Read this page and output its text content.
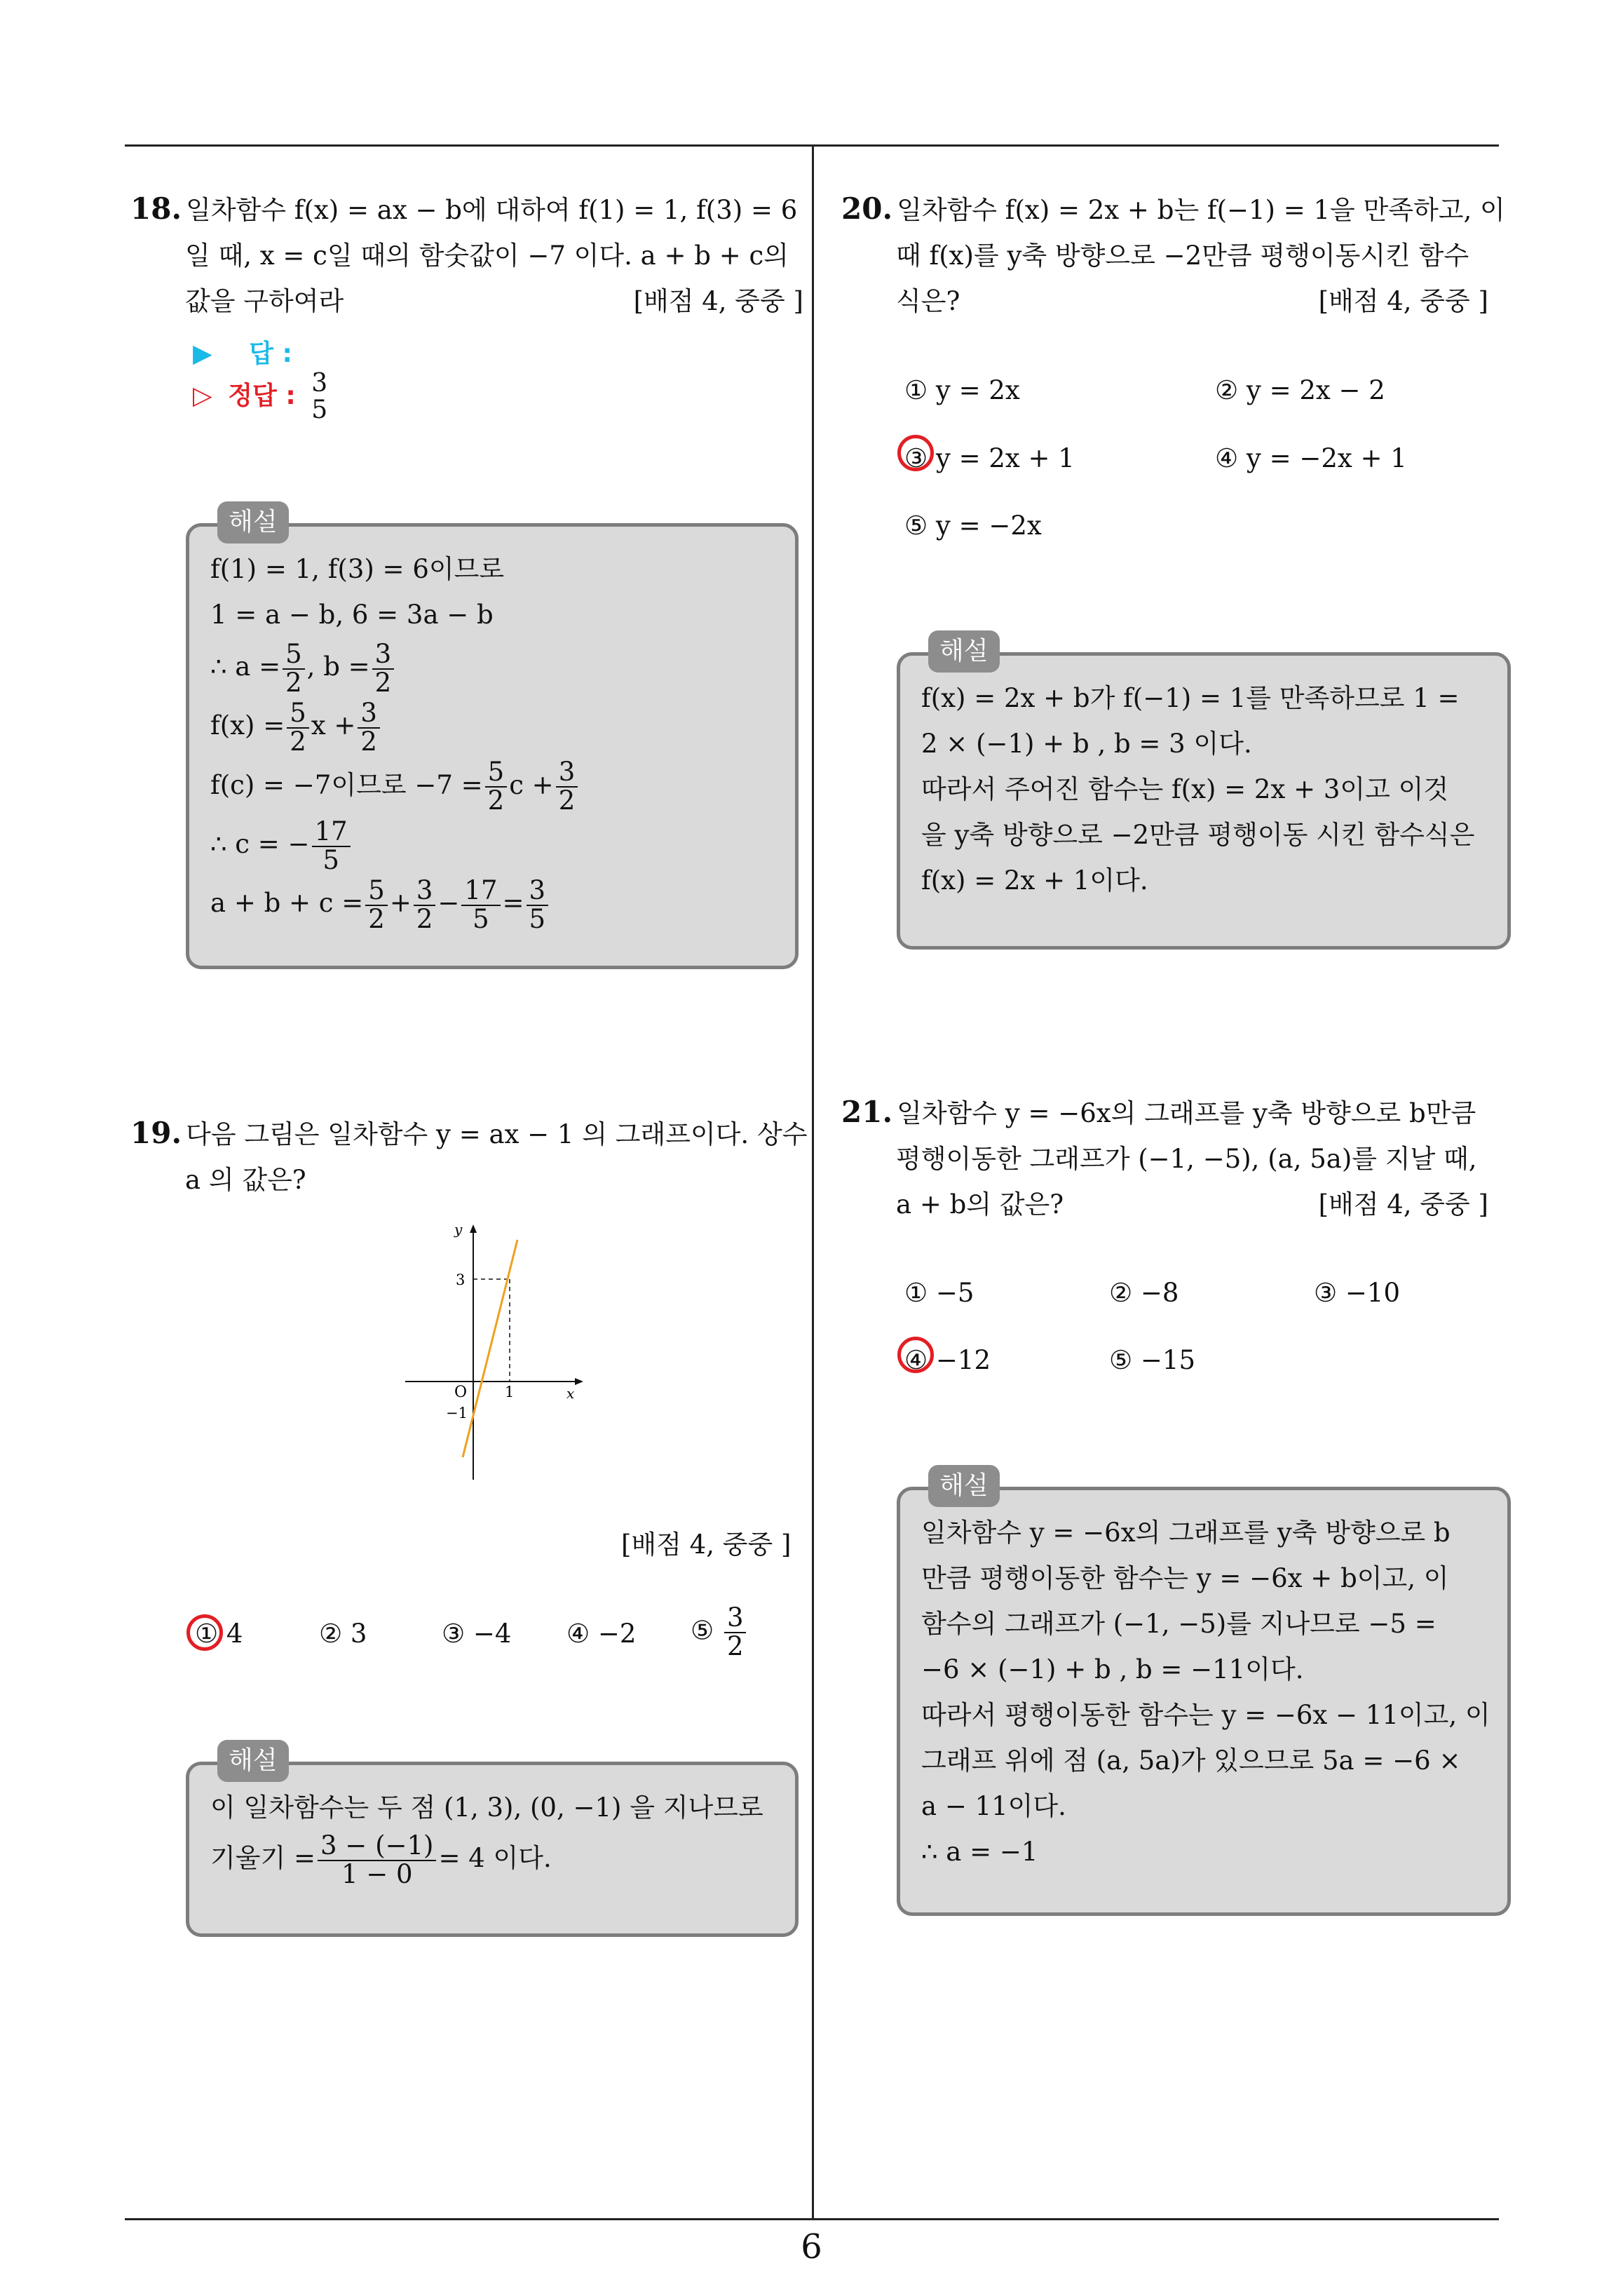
18. 일차함수 f(x) = ax − b에 대하여 f(1) = 1, f(3) = 6
일 때, x = c일 때의 함숫값이 −7 이다. a + b + c의
값을 구하여라	[배점 4, 중중 ]
▶ 답 :
▷ 정답 : 3
5
해설
f(1) = 1, f(3) = 6이므로
1 = a − b, 6 = 3a − b
∴ $a = \frac{5}{2}$ , $b = \frac{3}{2}$
$f(x) = \frac{5}{2}$ $x + \frac{3}{2}$
f(c) = −7이므로 $-7 = \frac{5}{2}$ $c + \frac{3}{2}$
∴ c = − $\frac{17}{5}$
$a + b + c = \frac{5}{2} + \frac{3}{2} - \frac{17}{5} = \frac{3}{5}$
19. 다음 그림은 일차함수 y = ax − 1 의 그래프이다. 상수
a 의 값은?
y
x
O
3
1
−1
[배점 4, 중중 ]
① 4	② 3	③ −4 ④ −2 ⑤ $\frac{3}{2}$
해설
이 일차함수는 두 점 (1, 3), (0, −1) 을 지나므로
기울기 = $\frac{3 - (-1)}{1 - 0} = 4$ 이다.
20. 일차함수 f(x) = 2x + b는 f(−1) = 1을 만족하고, 이
때 f(x)를 y축 방향으로 −2만큼 평행이동시킨 함수
식은?	[배점 4, 중중 ]
① y = 2x	② y = 2x − 2
③ y = 2x + 1	④ y = −2x + 1
⑤ y = −2x
해설
f(x) = 2x + b가 f(−1) = 1를 만족하므로 1 =
2 × (−1) + b , b = 3 이다.
따라서 주어진 함수는 f(x) = 2x + 3이고 이것
을 y축 방향으로 −2만큼 평행이동 시킨 함수식은
f(x) = 2x + 1이다.
21. 일차함수 y = −6x의 그래프를 y축 방향으로 b만큼
평행이동한 그래프가 (−1, −5), (a, 5a)를 지날 때,
a + b의 값은?	[배점 4, 중중 ]
① −5	② −8	③ −10
④ −12	⑤ −15
해설
일차함수 y = −6x의 그래프를 y축 방향으로 b
만큼 평행이동한 함수는 y = −6x + b이고, 이
함수의 그래프가 (−1, −5)를 지나므로 −5 =
−6 × (−1) + b , b = −11이다.
따라서 평행이동한 함수는 y = −6x − 11이고, 이
그래프 위에 점 (a, 5a)가 있으므로 5a = −6 ×
a − 11이다.
∴ a = −1
6
